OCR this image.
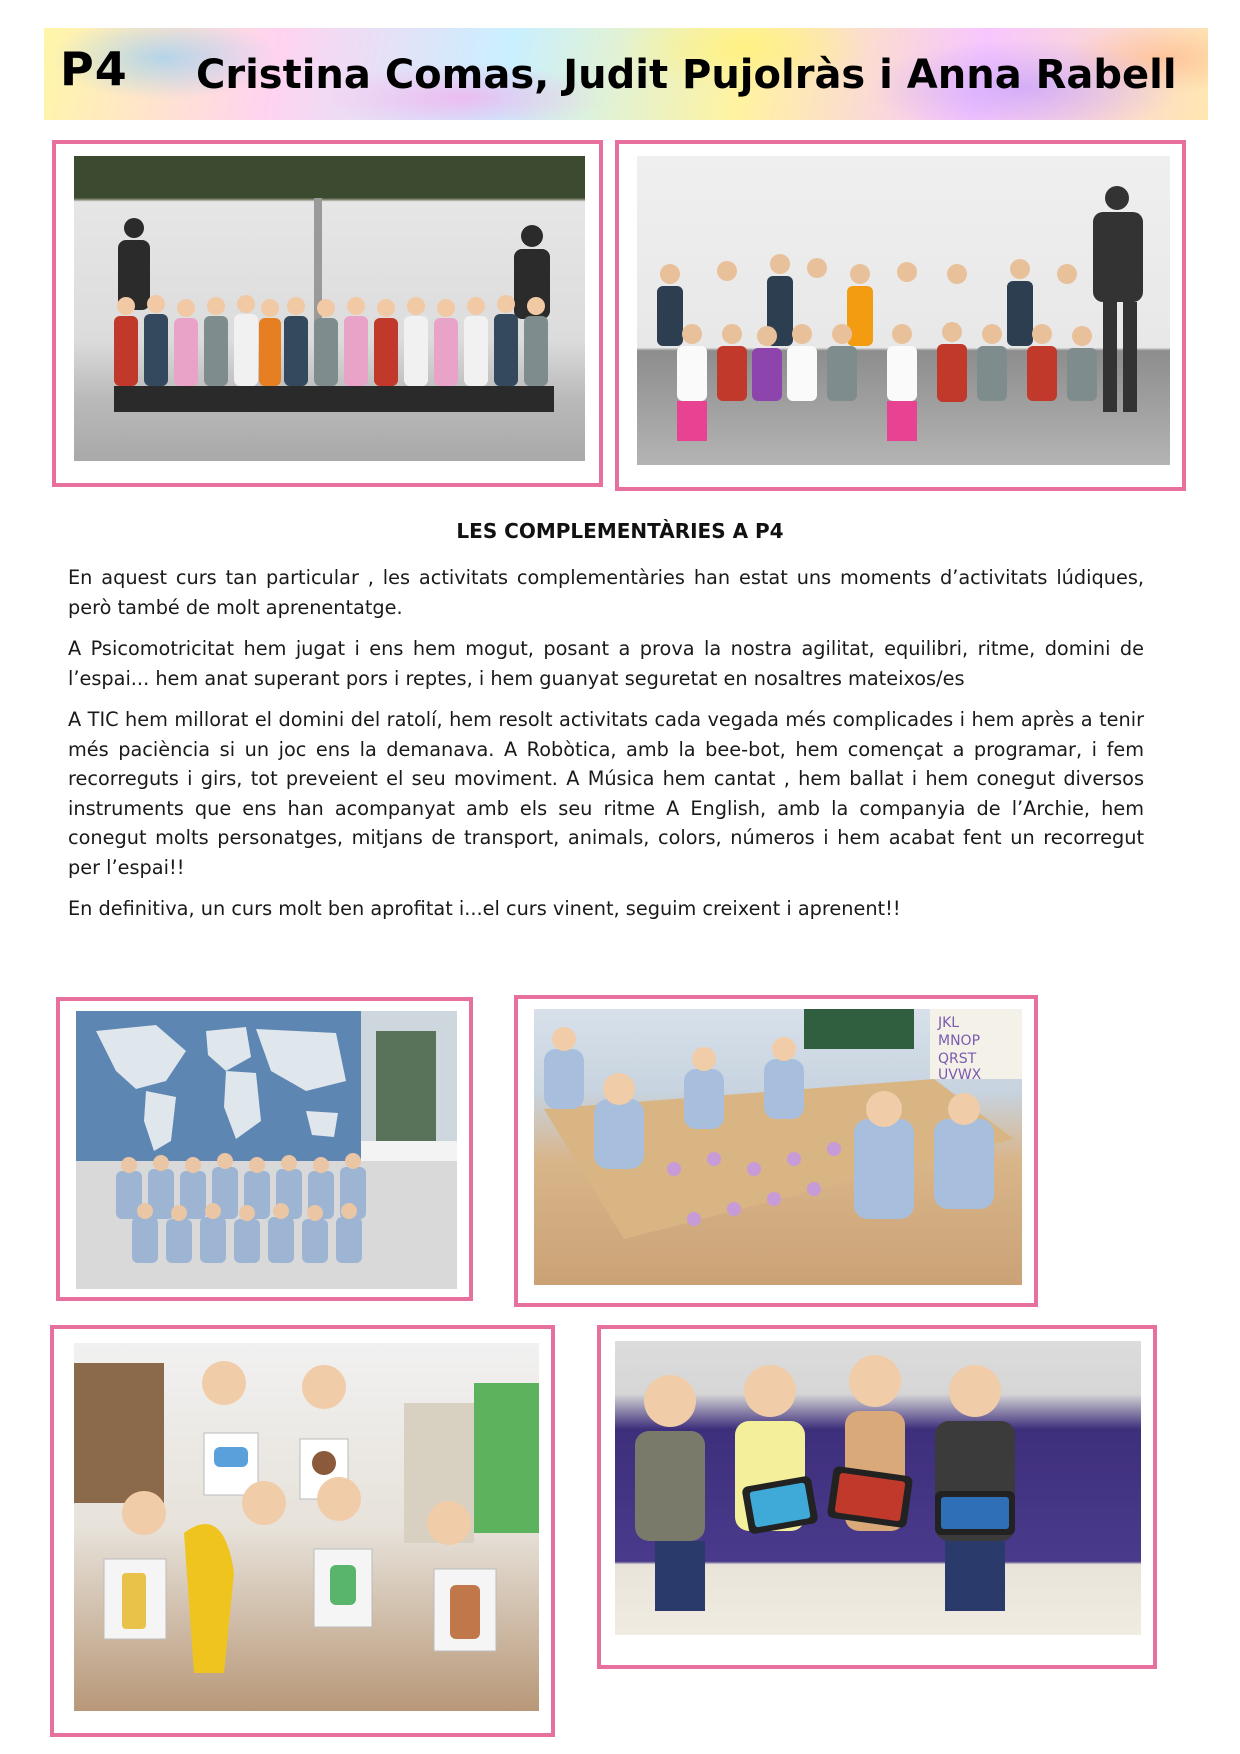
P4 Cristina Comas, Judit Pujolràs i Anna Rabell
LES COMPLEMENTÀRIES A P4

En aquest curs tan particular , les activitats complementàries han estat uns moments d’activitats lúdiques, però també de molt aprenentatge.

A Psicomotricitat hem jugat i ens hem mogut, posant a prova la nostra agilitat, equilibri, ritme, domini de l’espai... hem anat superant pors i reptes, i hem guanyat seguretat en nosaltres mateixos/es

A TIC hem millorat el domini del ratolí, hem resolt activitats cada vegada més complicades i hem après a tenir més paciència si un joc ens la demanava. A Robòtica, amb la bee-bot, hem començat a programar, i fem recorreguts i girs, tot preveient el seu moviment. A Música hem cantat , hem ballat i hem conegut diversos instruments que ens han acompanyat amb els seu ritme A English, amb la companyia de l’Archie, hem conegut molts personatges, mitjans de transport, animals, colors, números i hem acabat fent un recorregut per l’espai!!

En definitiva, un curs molt ben aprofitat i...el curs vinent, seguim creixent i aprenent!!

JKL
MNOP
QRST
UVWX
